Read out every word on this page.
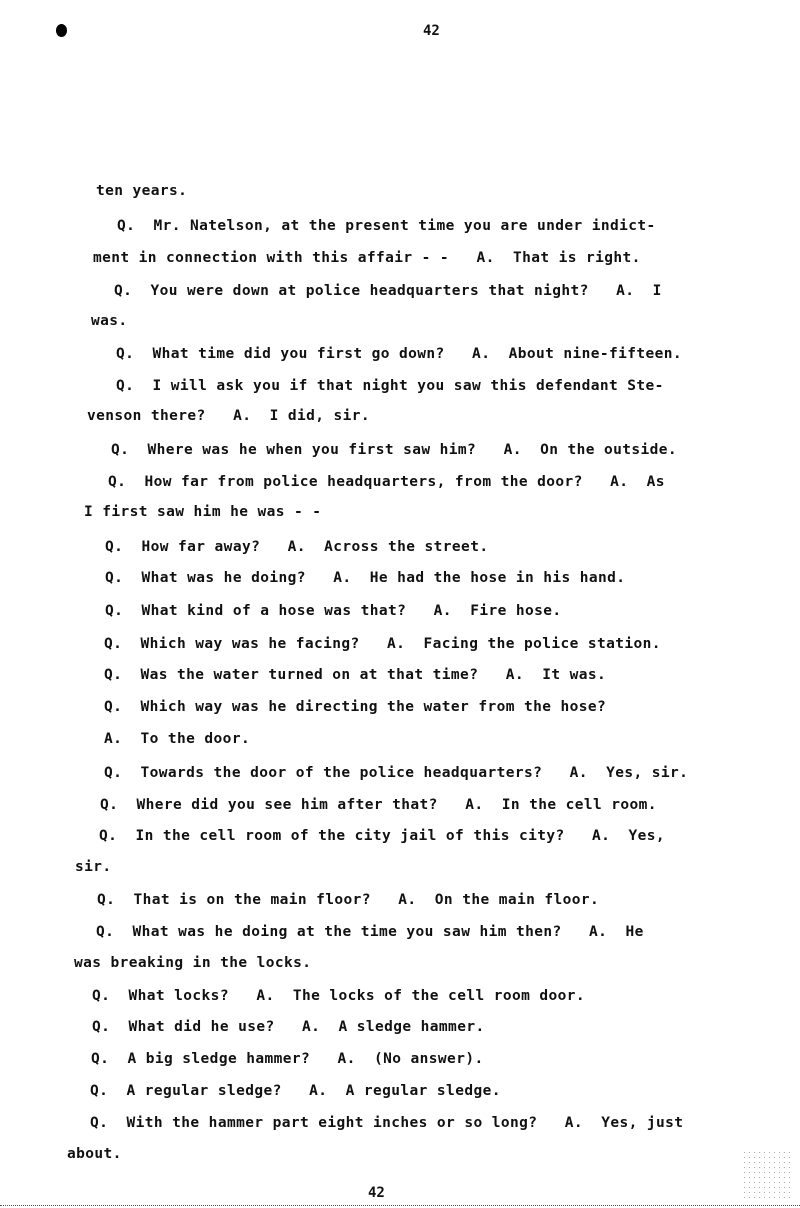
42
ten years.
Q.  Mr. Natelson, at the present time you are under indict-
ment in connection with this affair - -   A.  That is right.
Q.  You were down at police headquarters that night?   A.  I
was.
Q.  What time did you first go down?   A.  About nine-fifteen.
Q.  I will ask you if that night you saw this defendant Ste-
venson there?   A.  I did, sir.
Q.  Where was he when you first saw him?   A.  On the outside.
Q.  How far from police headquarters, from the door?   A.  As
I first saw him he was - -
Q.  How far away?   A.  Across the street.
Q.  What was he doing?   A.  He had the hose in his hand.
Q.  What kind of a hose was that?   A.  Fire hose.
Q.  Which way was he facing?   A.  Facing the police station.
Q.  Was the water turned on at that time?   A.  It was.
Q.  Which way was he directing the water from the hose?
A.  To the door.
Q.  Towards the door of the police headquarters?   A.  Yes, sir.
Q.  Where did you see him after that?   A.  In the cell room.
Q.  In the cell room of the city jail of this city?   A.  Yes,
sir.
Q.  That is on the main floor?   A.  On the main floor.
Q.  What was he doing at the time you saw him then?   A.  He
was breaking in the locks.
Q.  What locks?   A.  The locks of the cell room door.
Q.  What did he use?   A.  A sledge hammer.
Q.  A big sledge hammer?   A.  (No answer).
Q.  A regular sledge?   A.  A regular sledge.
Q.  With the hammer part eight inches or so long?   A.  Yes, just
about.
42
